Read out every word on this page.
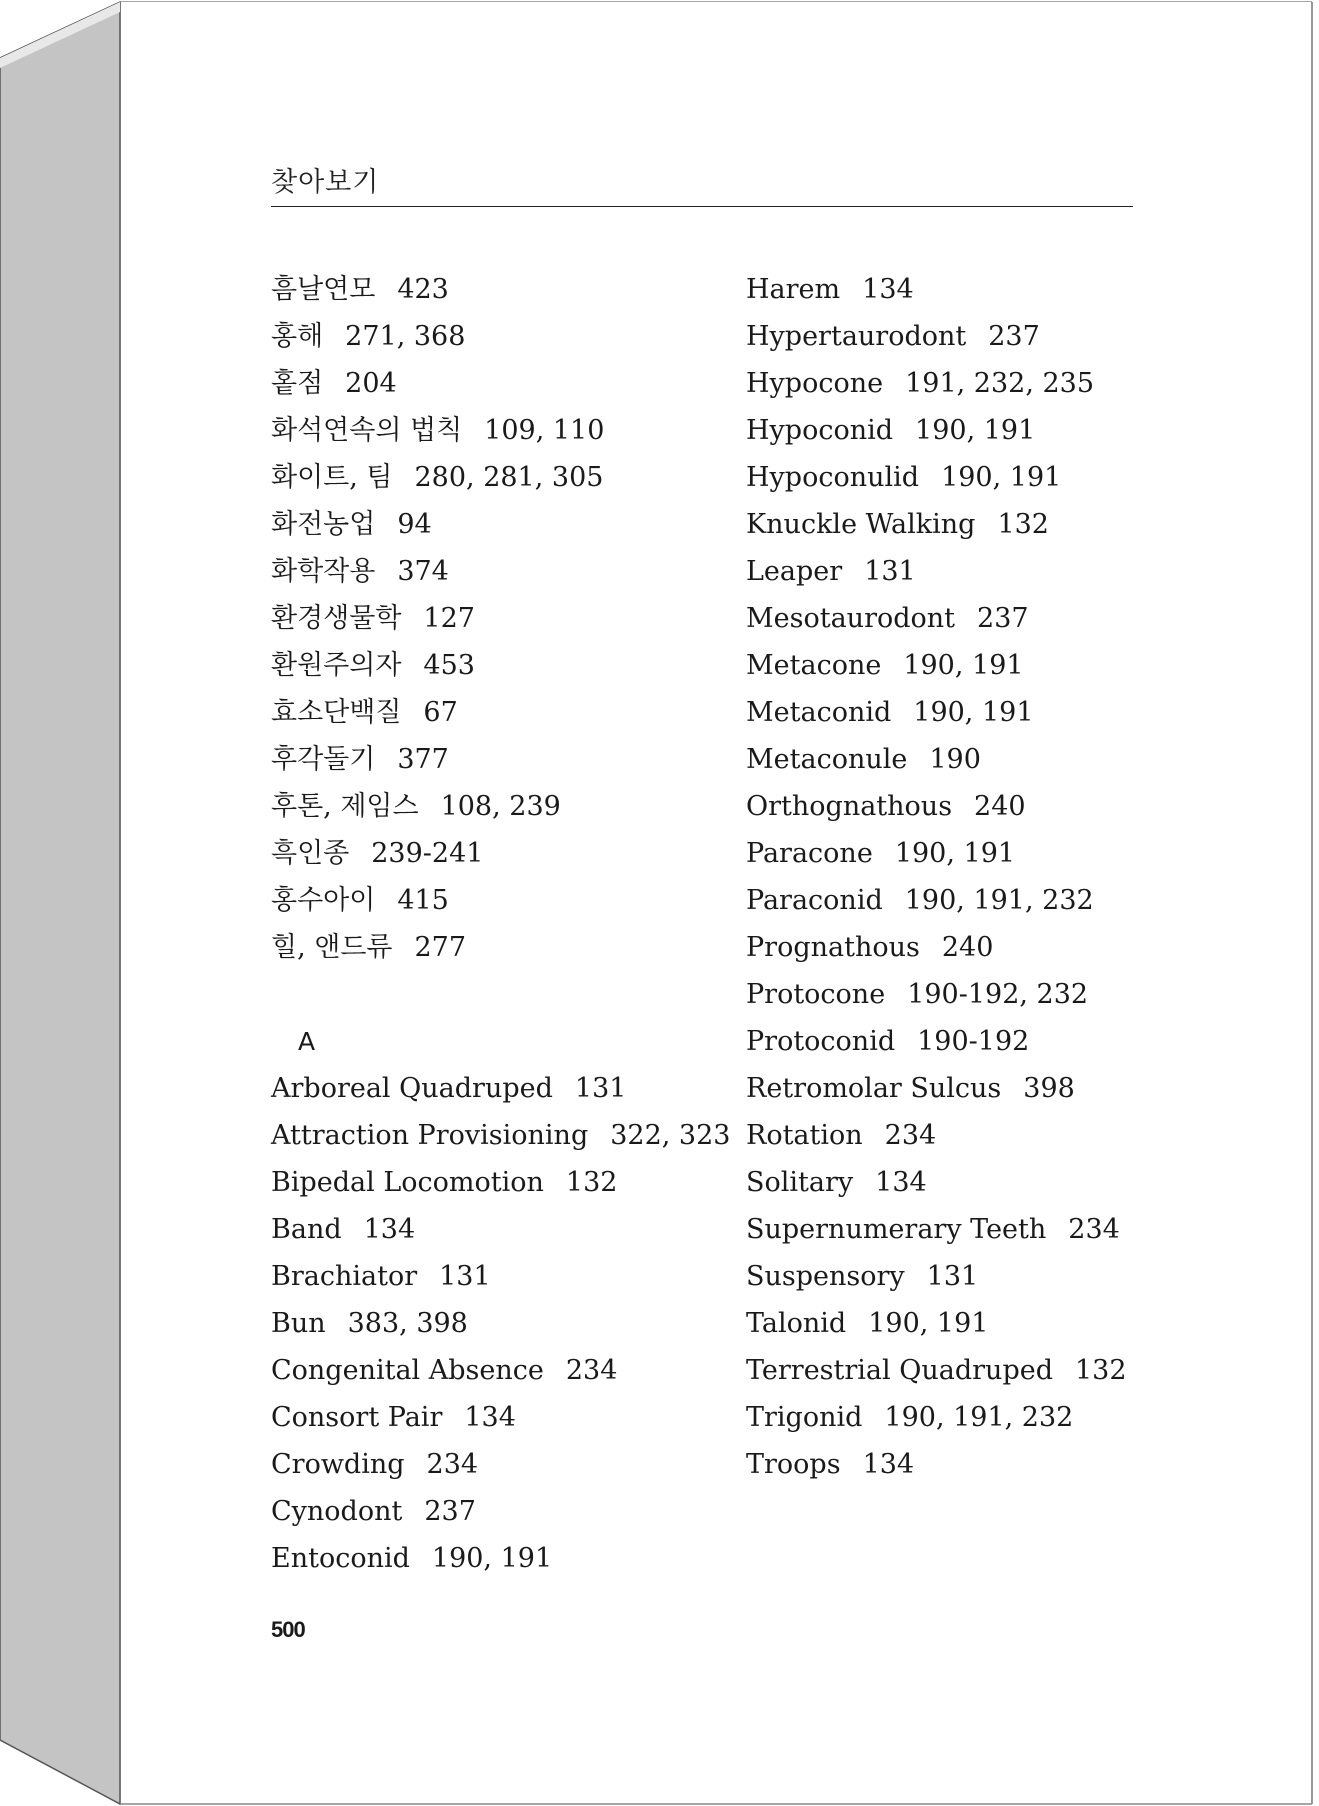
찾아보기
흠날연모 423
홍해 271, 368
홑점 204
화석연속의 법칙 109, 110
화이트, 팀 280, 281, 305
화전농업 94
화학작용 374
환경생물학 127
환원주의자 453
효소단백질 67
후각돌기 377
후톤, 제임스 108, 239
흑인종 239-241
홍수아이 415
힐, 앤드류 277
A
Arboreal Quadruped 131
Attraction Provisioning 322, 323
Bipedal Locomotion 132
Band 134
Brachiator 131
Bun 383, 398
Congenital Absence 234
Consort Pair 134
Crowding 234
Cynodont 237
Entoconid 190, 191
Harem 134
Hypertaurodont 237
Hypocone 191, 232, 235
Hypoconid 190, 191
Hypoconulid 190, 191
Knuckle Walking 132
Leaper 131
Mesotaurodont 237
Metacone 190, 191
Metaconid 190, 191
Metaconule 190
Orthognathous 240
Paracone 190, 191
Paraconid 190, 191, 232
Prognathous 240
Protocone 190-192, 232
Protoconid 190-192
Retromolar Sulcus 398
Rotation 234
Solitary 134
Supernumerary Teeth 234
Suspensory 131
Talonid 190, 191
Terrestrial Quadruped 132
Trigonid 190, 191, 232
Troops 134
500
